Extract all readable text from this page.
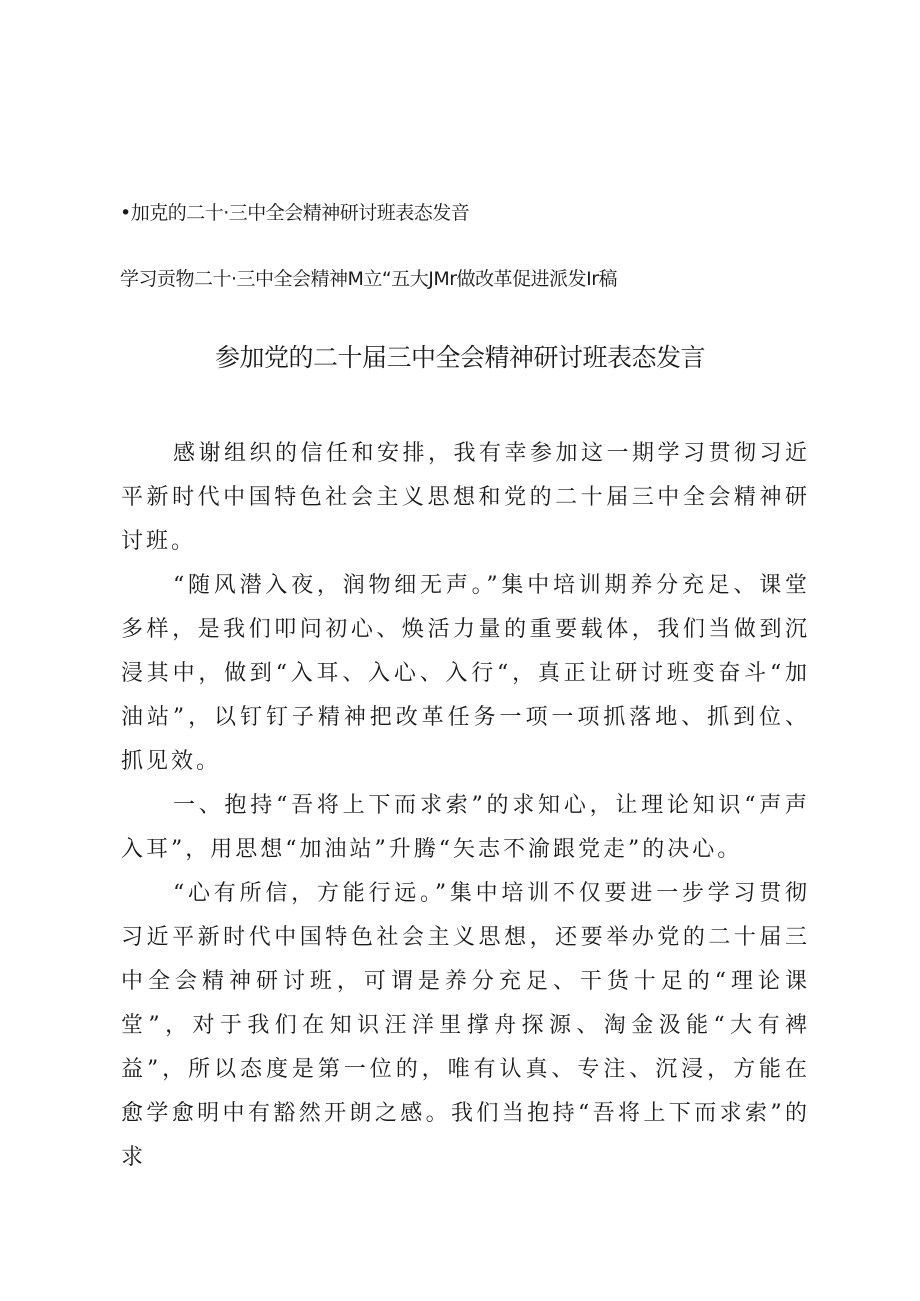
•加克的二十·三中全会精神研讨班表态发音
学习贡物二十·三中全会精神M立“五大JMr做改革促进派发Ir稿
参加党的二十届三中全会精神研讨班表态发言

感谢组织的信任和安排，我有幸参加这一期学习贯彻习近平新时代中国特色社会主义思想和党的二十届三中全会精神研讨班。

“随风潜入夜，润物细无声。”集中培训期养分充足、课堂多样，是我们叩问初心、焕活力量的重要载体，我们当做到沉浸其中，做到“入耳、入心、入行“，真正让研讨班变奋斗“加油站”，以钉钉子精神把改革任务一项一项抓落地、抓到位、抓见效。

一、抱持“吾将上下而求索”的求知心，让理论知识“声声入耳”，用思想“加油站”升腾“矢志不渝跟党走”的决心。

“心有所信，方能行远。”集中培训不仅要进一步学习贯彻习近平新时代中国特色社会主义思想，还要举办党的二十届三中全会精神研讨班，可谓是养分充足、干货十足的“理论课堂”，对于我们在知识汪洋里撑舟探源、淘金汲能“大有裨益”，所以态度是第一位的，唯有认真、专注、沉浸，方能在愈学愈明中有豁然开朗之感。我们当抱持“吾将上下而求索”的求
